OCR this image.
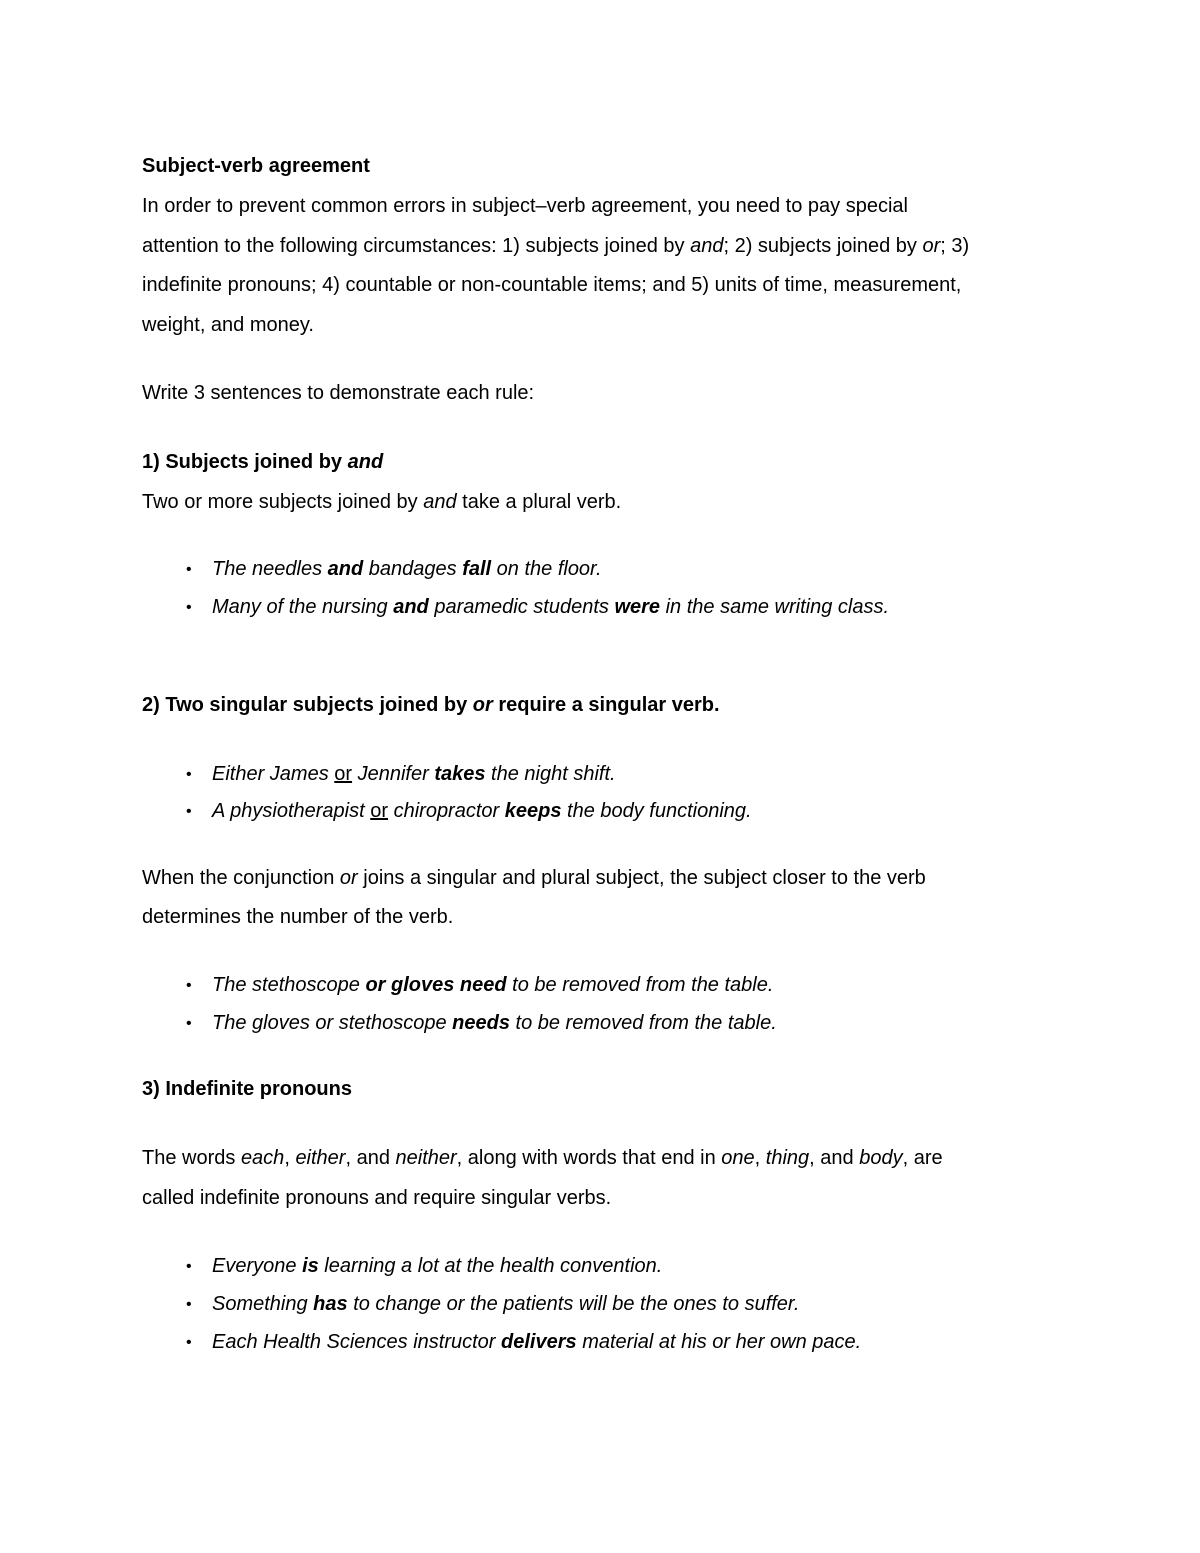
Subject-verb agreement
In order to prevent common errors in subject–verb agreement, you need to pay special
attention to the following circumstances: 1) subjects joined by and; 2) subjects joined by or; 3)
indefinite pronouns; 4) countable or non-countable items; and 5) units of time, measurement,
weight, and money.
Write 3 sentences to demonstrate each rule:
1) Subjects joined by and
Two or more subjects joined by and take a plural verb.
• The needles and bandages fall on the floor.
• Many of the nursing and paramedic students were in the same writing class.
2) Two singular subjects joined by or require a singular verb.
• Either James or Jennifer takes the night shift.
• A physiotherapist or chiropractor keeps the body functioning.
When the conjunction or joins a singular and plural subject, the subject closer to the verb
determines the number of the verb.
• The stethoscope or gloves need to be removed from the table.
• The gloves or stethoscope needs to be removed from the table.
3) Indefinite pronouns
The words each, either, and neither, along with words that end in one, thing, and body, are
called indefinite pronouns and require singular verbs.
• Everyone is learning a lot at the health convention.
• Something has to change or the patients will be the ones to suffer.
• Each Health Sciences instructor delivers material at his or her own pace.
